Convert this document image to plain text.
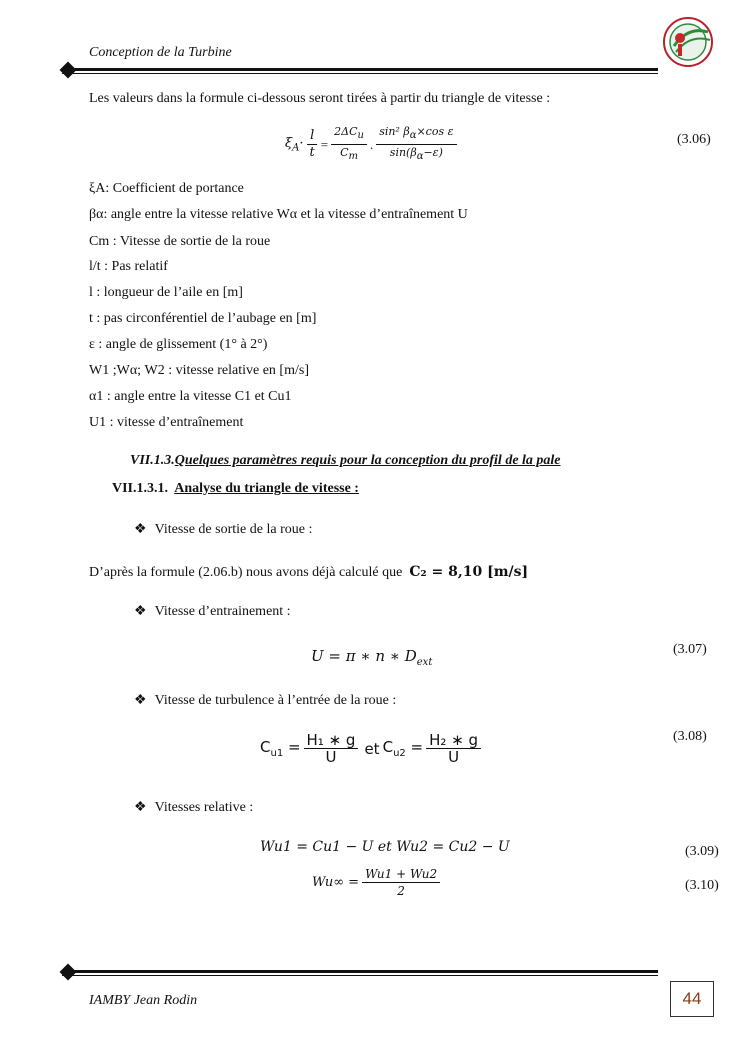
Conception de la Turbine
Les valeurs dans la formule ci-dessous seront tirées à partir du triangle de vitesse :
$\xi_A\cdot \frac{l}{t} = \frac{2\Delta C_u}{C_m}$ . $\frac{\sin^2 \beta_\alpha\times\cos \varepsilon}{\sin(\beta_\alpha-\varepsilon)}$	(3.06)
ξA: Coefficient de portance
βα: angle entre la vitesse relative Wα et la vitesse d’entraînement U
Cm : Vitesse de sortie de la roue
l/t : Pas relatif
l : longueur de l’aile en [m]
t : pas circonférentiel de l’aubage en [m]
ε : angle de glissement (1° à 2°)
W1 ;Wα; W2 : vitesse relative en [m/s]
α1 : angle entre la vitesse C1 et Cu1
U1 : vitesse d’entraînement
VII.1.3.Quelques paramètres requis pour la conception du profil de la pale
VII.1.3.1. Analyse du triangle de vitesse :
❖ Vitesse de sortie de la roue :
D’après la formule (2.06.b) nous avons déjà calculé que C₂ = 8,10 [m/s]
❖ Vitesse d’entrainement :
U = π ∗ n ∗ $D_{ext}$
(3.07)
❖ Vitesse de turbulence à l’entrée de la roue :
$C_{u1} = \frac{\text{H₁ ∗ g}}{U}$ et $C_{u2} = \frac{\text{H₂ ∗ g}}{U}$	(3.08)
❖ Vitesses relative :
Wu1 = Cu1 − U et Wu2 = Cu2 − U	(3.09)
$Wu\infty = \frac{Wu1 + Wu2}{2}$	(3.10)
IAMBY Jean Rodin	44
